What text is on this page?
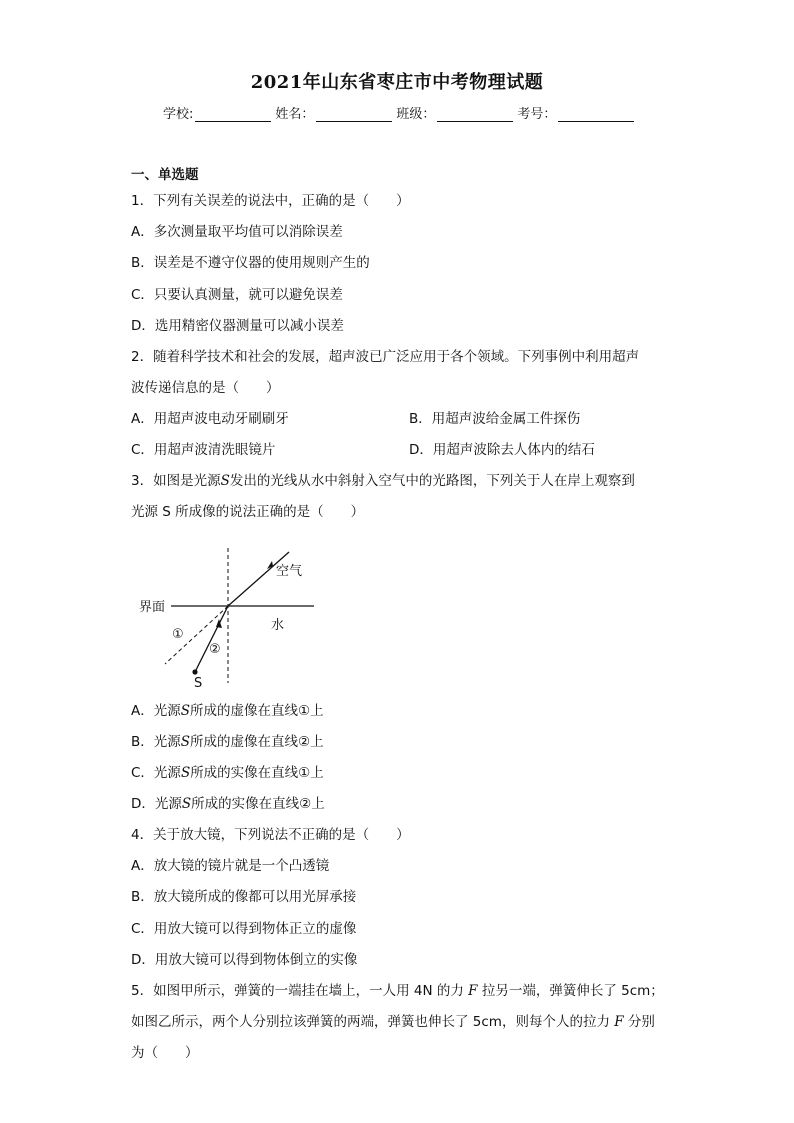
2021年山东省枣庄市中考物理试题
学校:	姓名：	班级：	考号：
一、单选题
1．下列有关误差的说法中，正确的是（　　）
A．多次测量取平均值可以消除误差
B．误差是不遵守仪器的使用规则产生的
C．只要认真测量，就可以避免误差
D．选用精密仪器测量可以减小误差
2．随着科学技术和社会的发展，超声波已广泛应用于各个领域。下列事例中利用超声
波传递信息的是（　　）
A．用超声波电动牙刷刷牙	B．用超声波给金属工件探伤
C．用超声波清洗眼镜片	D．用超声波除去人体内的结石
3．如图是光源S发出的光线从水中斜射入空气中的光路图，下列关于人在岸上观察到
光源 S 所成像的说法正确的是（　　）
空气
界面
水
①
②
S
A．光源S所成的虚像在直线①上
B．光源S所成的虚像在直线②上
C．光源S所成的实像在直线①上
D．光源S所成的实像在直线②上
4．关于放大镜，下列说法不正确的是（　　）
A．放大镜的镜片就是一个凸透镜
B．放大镜所成的像都可以用光屏承接
C．用放大镜可以得到物体正立的虚像
D．用放大镜可以得到物体倒立的实像
5．如图甲所示，弹簧的一端挂在墙上，一人用 4N 的力 F 拉另一端，弹簧伸长了 5cm；
如图乙所示，两个人分别拉该弹簧的两端，弹簧也伸长了 5cm，则每个人的拉力 F 分别
为（　　）
